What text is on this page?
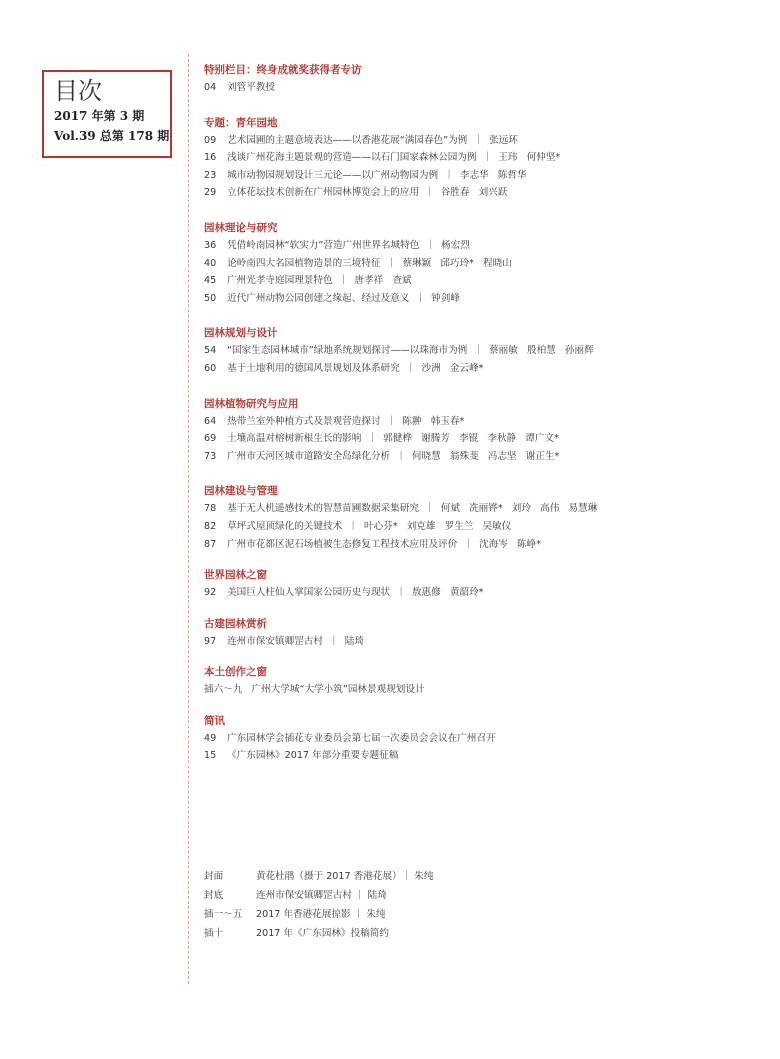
目次
2017 年第 3 期
Vol.39 总第 178 期
特别栏目：终身成就奖获得者专访
04 刘管平教授
专题：青年园地
09 艺术园圃的主题意境表达——以香港花展“满园春色”为例  ｜  张远环
16 浅谈广州花海主题景观的营造——以石门国家森林公园为例  ｜  王玮   何仲坚*
23 城市动物园规划设计三元论——以广州动物园为例  ｜  李志华   陈哲华
29 立体花坛技术创新在广州园林博览会上的应用  ｜  谷胜春   刘兴跃
园林理论与研究
36 凭借岭南园林“软实力”营造广州世界名城特色  ｜  杨宏烈
40 论岭南四大名园植物造景的三境特征  ｜  蔡琳颖   邱巧玲*   程晓山
45 广州光孝寺庭园理景特色  ｜  唐孝祥   查斌
50 近代广州动物公园创建之缘起、经过及意义  ｜  钟剑峰
园林规划与设计
54 “国家生态园林城市”绿地系统规划探讨——以珠海市为例  ｜  蔡丽敏   殷柏慧   孙丽辉
60 基于土地利用的德国风景规划及体系研究  ｜  沙洲   金云峰*
园林植物研究与应用
64 热带兰室外种植方式及景观营造探讨  ｜  陈翀   韩玉春*
69 土壤高温对榕树新根生长的影响  ｜  郭健桦   谢腾芳   李锟   李秋静   谭广文*
73 广州市天河区城市道路安全岛绿化分析  ｜  何晓慧   翁殊斐   冯志坚   谢正生*
园林建设与管理
78 基于无人机遥感技术的智慧苗圃数据采集研究  ｜  何斌   冼丽铧*   刘玲   高伟   易慧琳
82 草坪式屋顶绿化的关键技术  ｜  叶心芬*   刘克雄   罗生兰   吴敏仪
87 广州市花都区泥石场植被生态修复工程技术应用及评价  ｜  沈海岑   陈峥*
世界园林之窗
92 美国巨人柱仙人掌国家公园历史与现状  ｜  敖惠修   黄韶玲*
古建园林赏析
97 连州市保安镇卿罡古村  ｜  陆琦
本土创作之窗
插六～九   广州大学城“大学小筑”园林景观规划设计
简讯
49 广东园林学会插花专业委员会第七届一次委员会会议在广州召开
15 《广东园林》2017 年部分重要专题征稿
封面	黄花杜鹃（摄于 2017 香港花展）｜ 朱纯
封底	连州市保安镇卿罡古村 ｜ 陆琦
插一～五 2017 年香港花展掠影 ｜ 朱纯
插十	2017 年《广东园林》投稿简约
